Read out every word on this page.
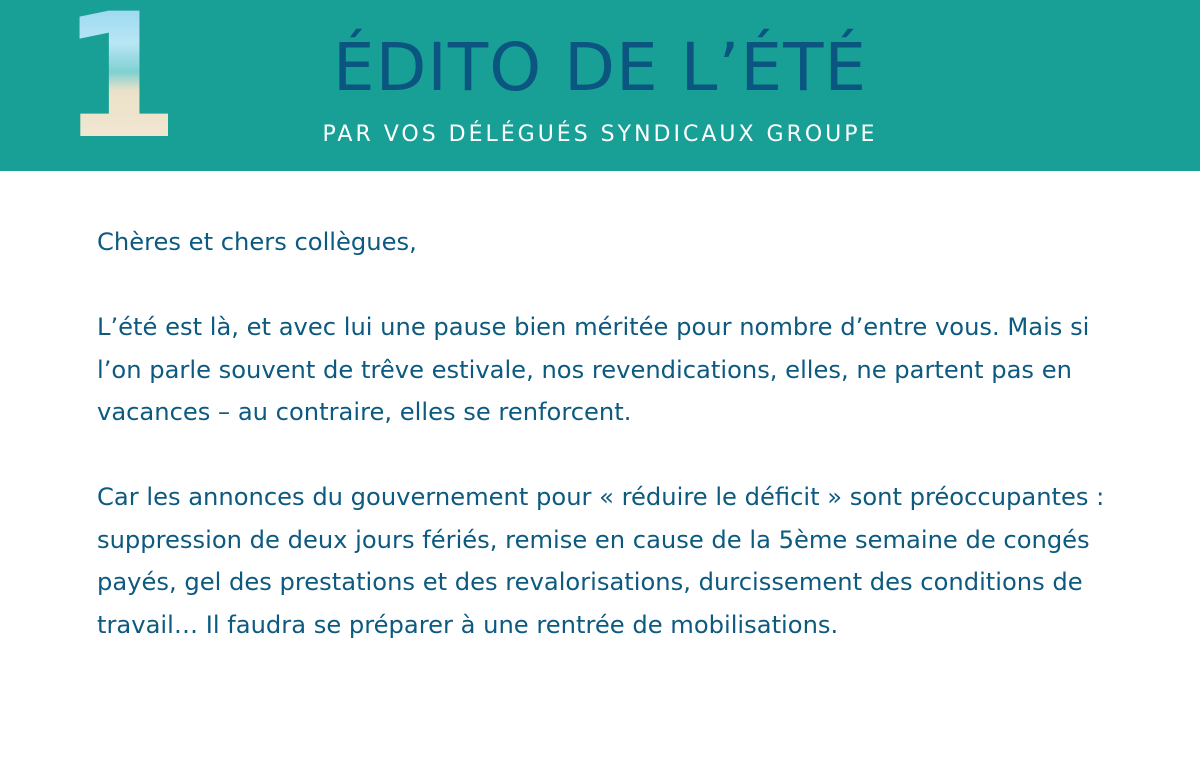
1	ÉDITO DE L’ÉTÉ
PAR VOS DÉLÉGUÉS SYNDICAUX GROUPE

Chères et chers collègues,

L’été est là, et avec lui une pause bien méritée pour nombre d’entre vous. Mais si l’on parle souvent de trêve estivale, nos revendications, elles, ne partent pas en vacances – au contraire, elles se renforcent.

Car les annonces du gouvernement pour « réduire le déficit » sont préoccupantes : suppression de deux jours fériés, remise en cause de la 5ème semaine de congés payés, gel des prestations et des revalorisations, durcissement des conditions de travail… Il faudra se préparer à une rentrée de mobilisations.
